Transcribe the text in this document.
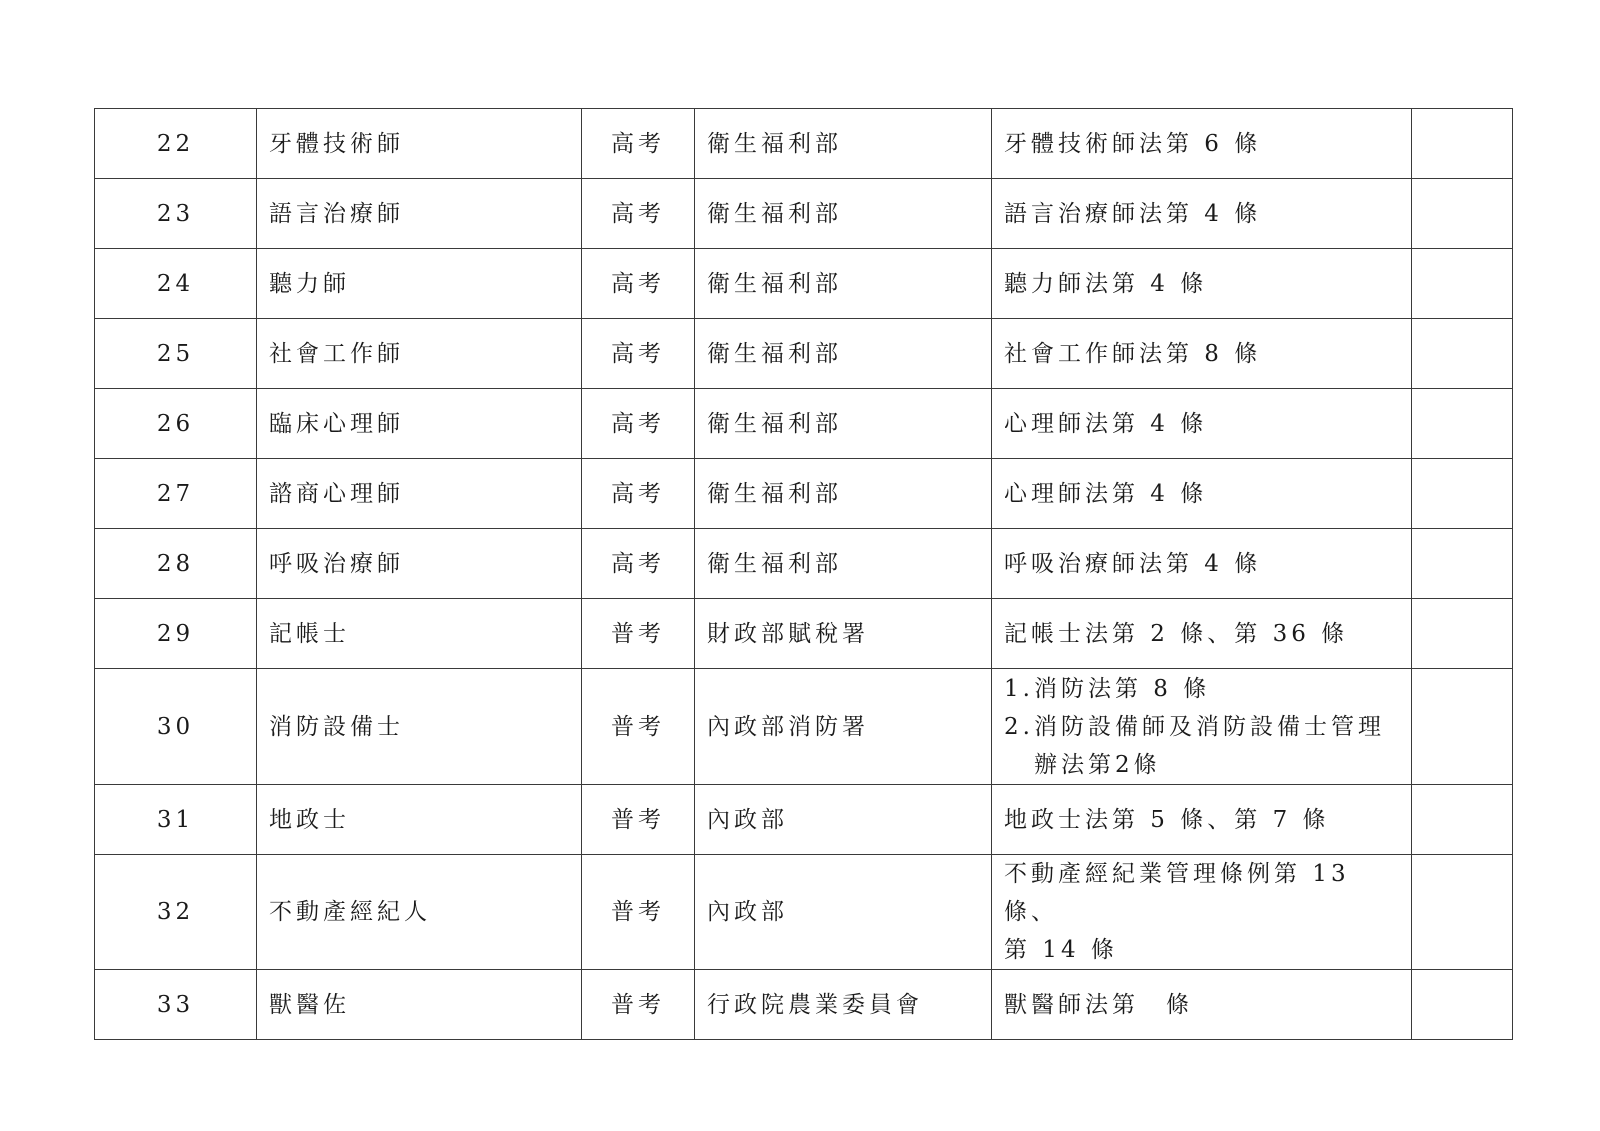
22	牙體技術師	高考	衛生福利部	牙體技術師法第 6 條	

23	語言治療師	高考	衛生福利部	語言治療師法第 4 條	

24	聽力師	高考	衛生福利部	聽力師法第 4 條	

25	社會工作師	高考	衛生福利部	社會工作師法第 8 條	

26	臨床心理師	高考	衛生福利部	心理師法第 4 條	

27	諮商心理師	高考	衛生福利部	心理師法第 4 條	

28	呼吸治療師	高考	衛生福利部	呼吸治療師法第 4 條	

29	記帳士	普考	財政部賦稅署	記帳士法第 2 條、第 36 條	

30	消防設備士	普考	內政部消防署	1.消防法第 8 條
2.消防設備師及消防設備士管理
辦法第2條	

31	地政士	普考	內政部	地政士法第 5 條、第 7 條	

32	不動產經紀人	普考	內政部	不動產經紀業管理條例第 13 條、
第 14 條	

33	獸醫佐	普考	行政院農業委員會	獸醫師法第　條	
